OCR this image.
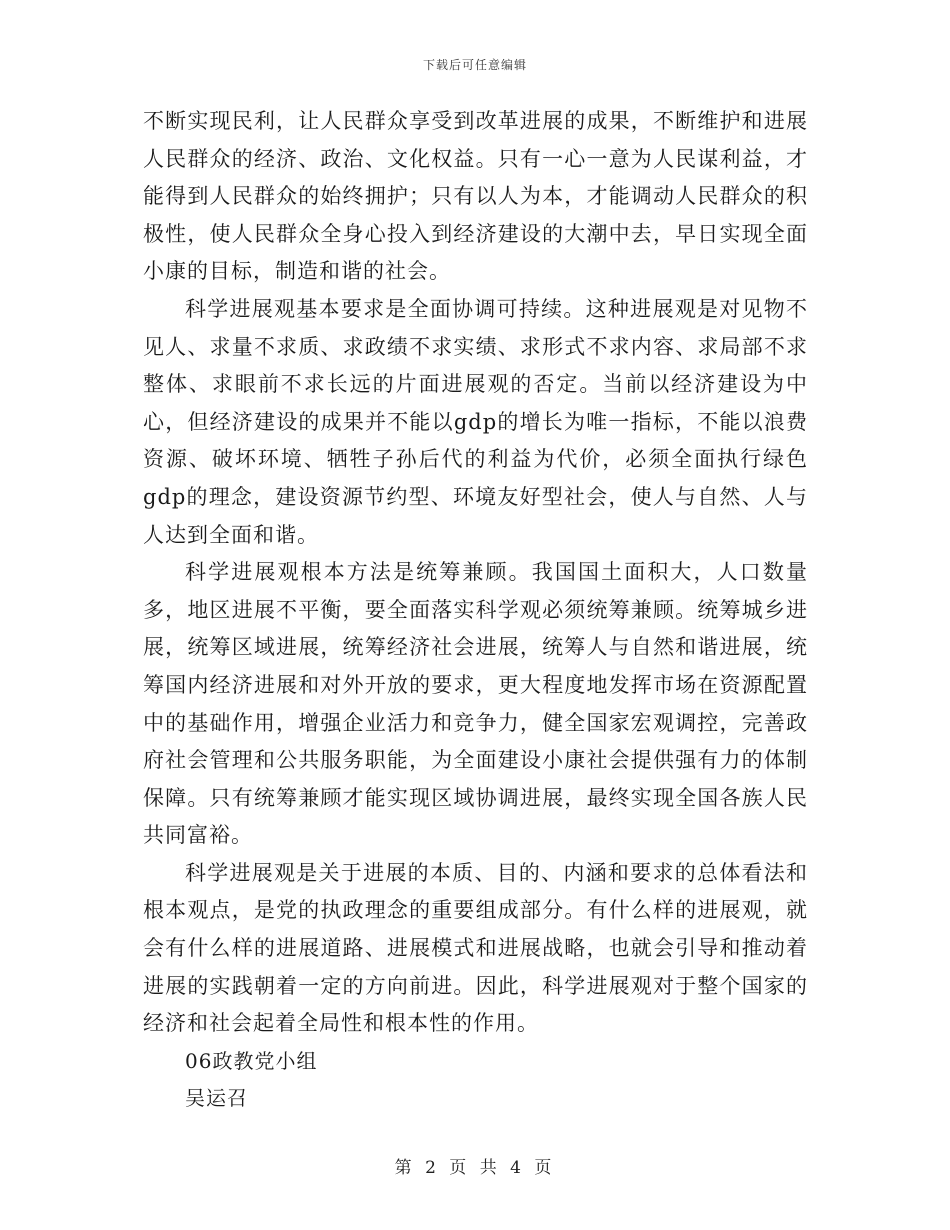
下载后可任意编辑

不断实现民利，让人民群众享受到改革进展的成果，不断维护和进展人民群众的经济、政治、文化权益。只有一心一意为人民谋利益，才能得到人民群众的始终拥护；只有以人为本，才能调动人民群众的积极性，使人民群众全身心投入到经济建设的大潮中去，早日实现全面小康的目标，制造和谐的社会。

科学进展观基本要求是全面协调可持续。这种进展观是对见物不见人、求量不求质、求政绩不求实绩、求形式不求内容、求局部不求整体、求眼前不求长远的片面进展观的否定。当前以经济建设为中心，但经济建设的成果并不能以gdp的增长为唯一指标，不能以浪费资源、破坏环境、牺牲子孙后代的利益为代价，必须全面执行绿色gdp的理念，建设资源节约型、环境友好型社会，使人与自然、人与人达到全面和谐。

科学进展观根本方法是统筹兼顾。我国国土面积大，人口数量多，地区进展不平衡，要全面落实科学观必须统筹兼顾。统筹城乡进展，统筹区域进展，统筹经济社会进展，统筹人与自然和谐进展，统筹国内经济进展和对外开放的要求，更大程度地发挥市场在资源配置中的基础作用，增强企业活力和竞争力，健全国家宏观调控，完善政府社会管理和公共服务职能，为全面建设小康社会提供强有力的体制保障。只有统筹兼顾才能实现区域协调进展，最终实现全国各族人民共同富裕。

科学进展观是关于进展的本质、目的、内涵和要求的总体看法和根本观点，是党的执政理念的重要组成部分。有什么样的进展观，就会有什么样的进展道路、进展模式和进展战略，也就会引导和推动着进展的实践朝着一定的方向前进。因此，科学进展观对于整个国家的经济和社会起着全局性和根本性的作用。

06政教党小组

吴运召

第 2 页 共 4 页
